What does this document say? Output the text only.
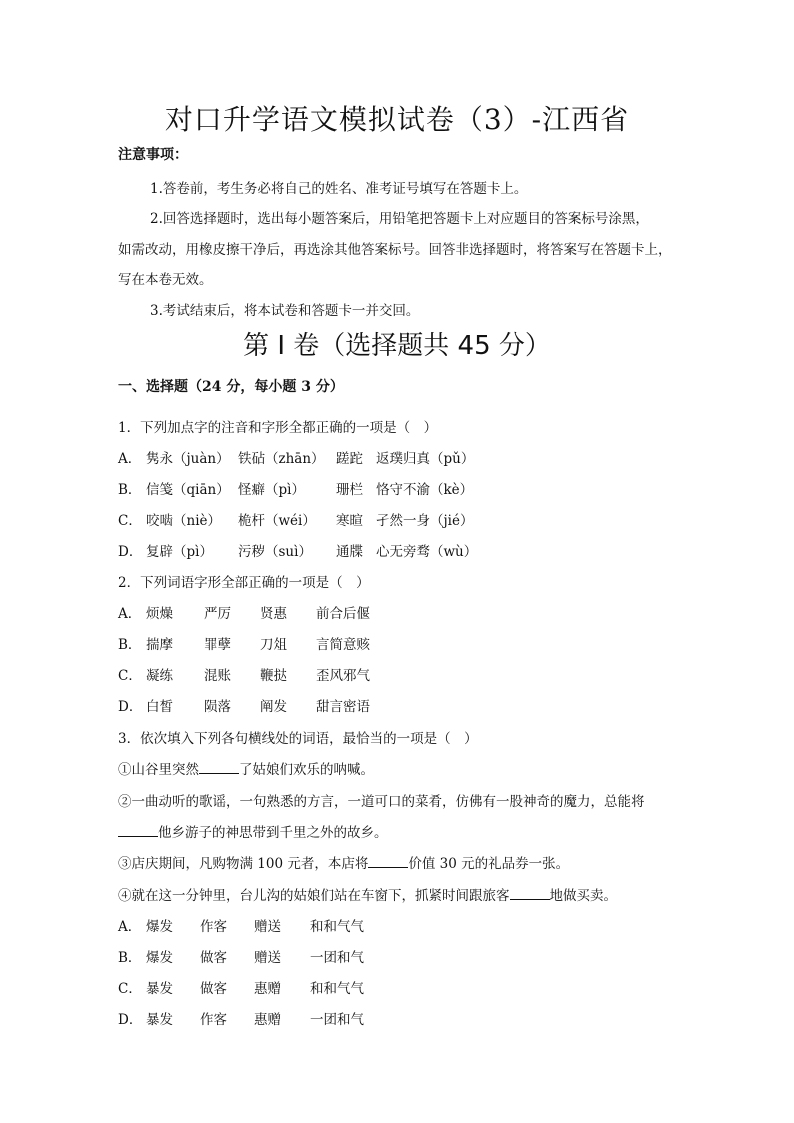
对口升学语文模拟试卷（3）-江西省
注意事项：
1.答卷前，考生务必将自己的姓名、准考证号填写在答题卡上。
2.回答选择题时，选出每小题答案后，用铅笔把答题卡上对应题目的答案标号涂黑，
如需改动，用橡皮擦干净后，再选涂其他答案标号。回答非选择题时，将答案写在答题卡上，
写在本卷无效。
3.考试结束后，将本试卷和答题卡一并交回。
第 I 卷（选择题共 45 分）
一、选择题（24 分，每小题 3 分）
1．下列加点字的注音和字形全都正确的一项是（　）
A． 隽永（juàn） 铁砧（zhān） 蹉跎 返璞归真（pǔ）
B． 信笺（qiān） 怪癖（pì） 珊栏 恪守不渝（kè）
C． 咬啮（niè） 桅杆（wéi） 寒暄 孑然一身（jié）
D． 复辟（pì） 污秽（suì） 通牒 心无旁骛（wù）
2．下列词语字形全部正确的一项是（　）
A． 烦燥 严厉 贤惠 前合后偃
B． 揣摩 罪孽 刀俎 言简意赅
C． 凝练 混账 鞭挞 歪风邪气
D． 白皙 陨落 阐发 甜言密语
3．依次填入下列各句横线处的词语，最恰当的一项是（　）
①山谷里突然	了姑娘们欢乐的呐喊。
②一曲动听的歌谣，一句熟悉的方言，一道可口的菜肴，仿佛有一股神奇的魔力，总能将
他乡游子的神思带到千里之外的故乡。
③店庆期间，凡购物满 100 元者，本店将	价值 30 元的礼品券一张。
④就在这一分钟里，台儿沟的姑娘们站在车窗下，抓紧时间跟旅客	地做买卖。
A． 爆发 作客 赠送 和和气气
B． 爆发 做客 赠送 一团和气
C． 暴发 做客 惠赠 和和气气
D． 暴发 作客 惠赠 一团和气
